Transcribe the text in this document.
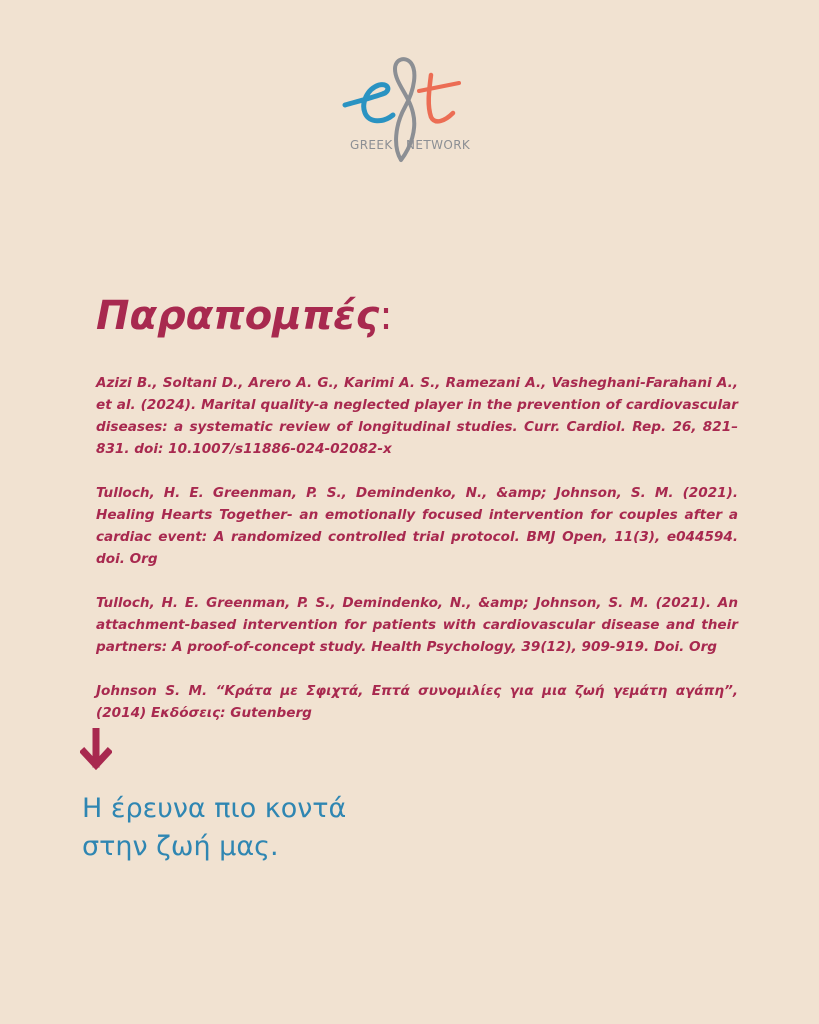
GREEK NETWORK
Παραπομπές:

Azizi B., Soltani D., Arero A. G., Karimi A. S., Ramezani A., Vasheghani-Farahani A., et al. (2024). Marital quality-a neglected player in the prevention of cardiovascular diseases: a systematic review of longitudinal studies. Curr. Cardiol. Rep. 26, 821–831. doi: 10.1007/s11886-024-02082-x

Tulloch, H. E. Greenman, P. S., Demindenko, N., &amp; Johnson, S. M. (2021). Healing Hearts Together- an emotionally focused intervention for couples after a cardiac event: A randomized controlled trial protocol. BMJ Open, 11(3), e044594. doi. Org

Tulloch, H. E. Greenman, P. S., Demindenko, N., &amp; Johnson, S. M. (2021). An attachment-based intervention for patients with cardiovascular disease and their partners: A proof-of-concept study. Health Psychology, 39(12), 909-919. Doi. Org

Johnson S. M. “Κράτα με Σφιχτά, Επτά συνομιλίες για μια ζωή γεμάτη αγάπη”, (2014) Εκδόσεις: Gutenberg

Η έρευνα πιο κοντά
στην ζωή μας.
